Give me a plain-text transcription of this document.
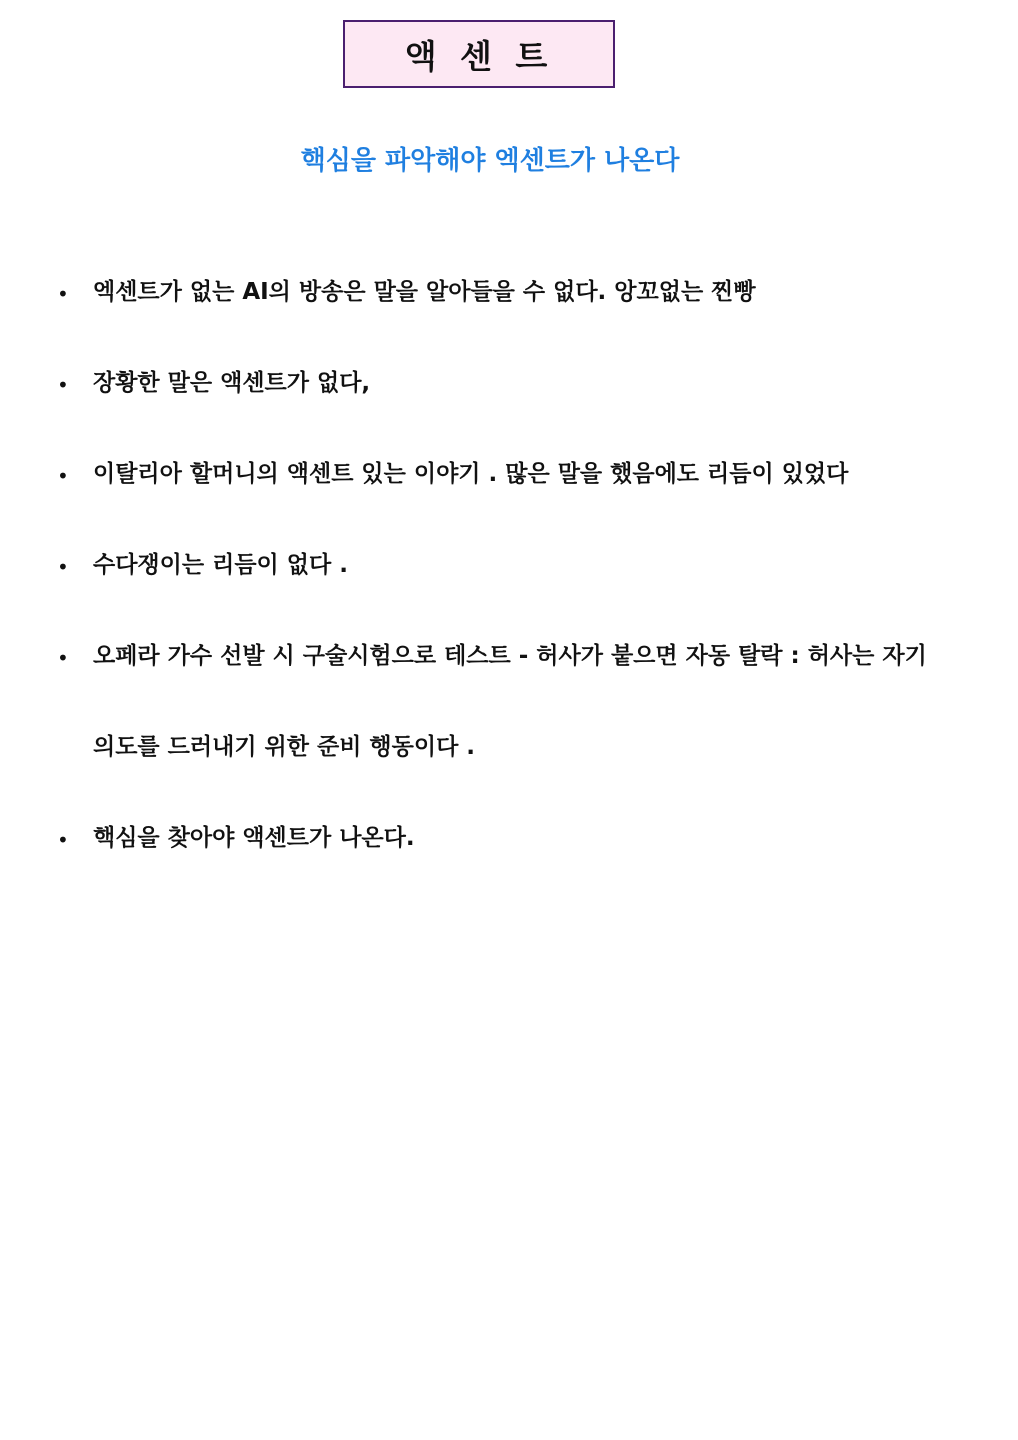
액 센 트
핵심을 파악해야 엑센트가 나온다
• 엑센트가 없는 AI의 방송은 말을 알아들을 수 없다. 앙꼬없는 찐빵
• 장황한 말은 액센트가 없다,
• 이탈리아 할머니의 액센트 있는 이야기 . 많은 말을 했음에도 리듬이 있었다
• 수다쟁이는 리듬이 없다 .
• 오페라 가수 선발 시 구술시험으로 테스트 - 허사가 붙으면 자동 탈락 : 허사는 자기
의도를 드러내기 위한 준비 행동이다 .
• 핵심을 찾아야 액센트가 나온다.
